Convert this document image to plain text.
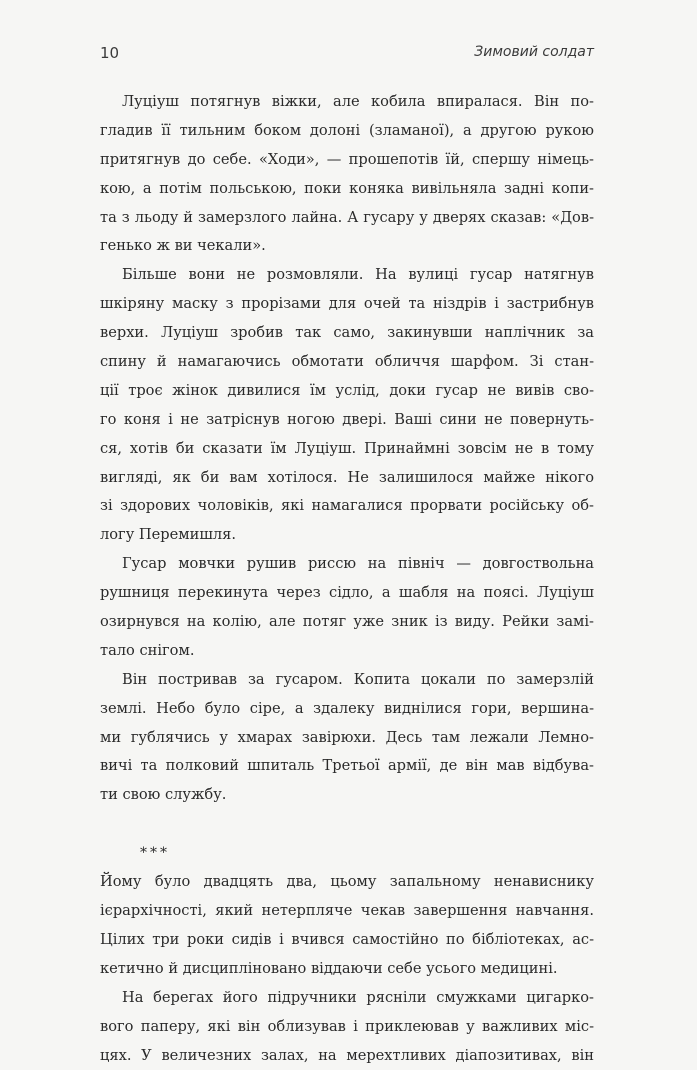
10	Зимовий солдат
Луціуш потягнув віжки, але кобила впиралася. Він по-
гладив її тильним боком долоні (зламаної), а другою рукою
притягнув до себе. «Ходи», — прошепотів їй, спершу німець-
кою, а потім польською, поки коняка вивільняла задні копи-
та з льоду й замерзлого лайна. А гусару у дверях сказав: «Дов-
генько ж ви чекали».
Більше вони не розмовляли. На вулиці гусар натягнув
шкіряну маску з прорізами для очей та ніздрів і застрибнув
верхи. Луціуш зробив так само, закинувши наплічник за
спину й намагаючись обмотати обличчя шарфом. Зі стан-
ції троє жінок дивилися їм услід, доки гусар не вивів сво-
го коня і не затріснув ногою двері. Ваші сини не повернуть-
ся, хотів би сказати їм Луціуш. Принаймні зовсім не в тому
вигляді, як би вам хотілося. Не залишилося майже нікого
зі здорових чоловіків, які намагалися прорвати російську об-
логу Перемишля.
Гусар мовчки рушив риссю на північ — довгоствольна
рушниця перекинута через сідло, а шабля на поясі. Луціуш
озирнувся на колію, але потяг уже зник із виду. Рейки замі-
тало снігом.
Він постривав за гусаром. Копита цокали по замерзлій
землі. Небо було сіре, а здалеку виднілися гори, вершина-
ми гублячись у хмарах завірюхи. Десь там лежали Лемно-
вичі та полковий шпиталь Третьої армії, де він мав відбува-
ти свою службу.
***
Йому було двадцять два, цьому запальному ненависнику
ієрархічності, який нетерпляче чекав завершення навчання.
Цілих три роки сидів і вчився самостійно по бібліотеках, ас-
кетично й дисципліновано віддаючи себе усього медицині.
На берегах його підручники рясніли смужками цигарко-
вого паперу, які він облизував і приклеював у важливих міс-
цях. У величезних залах, на мерехтливих діапозитивах, він
